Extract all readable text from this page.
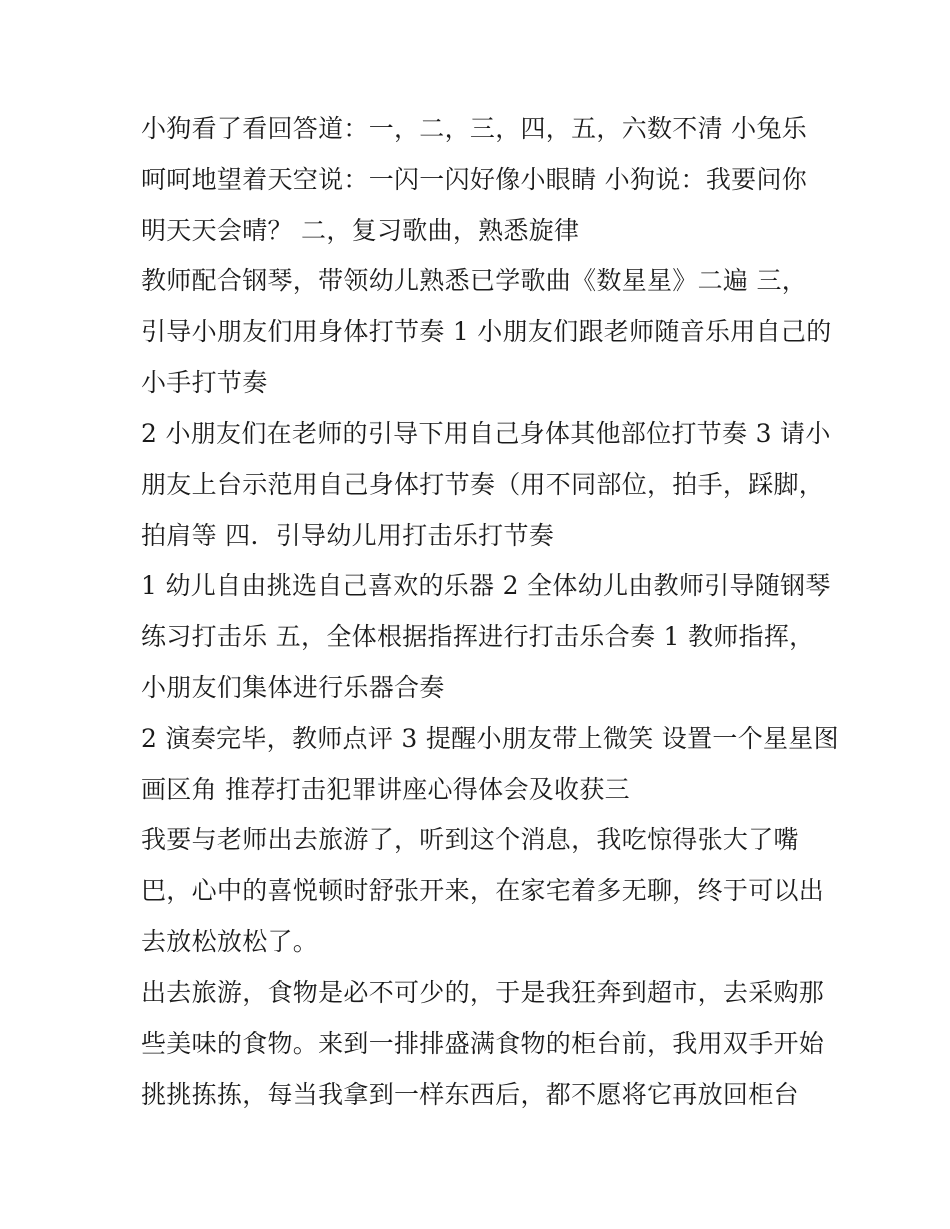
小狗看了看回答道：一，二，三，四，五，六数不清 小兔乐
呵呵地望着天空说：一闪一闪好像小眼睛 小狗说：我要问你
明天天会晴？ 二，复习歌曲，熟悉旋律
教师配合钢琴，带领幼儿熟悉已学歌曲《数星星》二遍 三，
引导小朋友们用身体打节奏 1 小朋友们跟老师随音乐用自己的
小手打节奏
2 小朋友们在老师的引导下用自己身体其他部位打节奏 3 请小
朋友上台示范用自己身体打节奏（用不同部位，拍手，踩脚，
拍肩等 四．引导幼儿用打击乐打节奏
1 幼儿自由挑选自己喜欢的乐器 2 全体幼儿由教师引导随钢琴
练习打击乐 五，全体根据指挥进行打击乐合奏 1 教师指挥，
小朋友们集体进行乐器合奏
2 演奏完毕，教师点评 3 提醒小朋友带上微笑 设置一个星星图
画区角 推荐打击犯罪讲座心得体会及收获三
我要与老师出去旅游了，听到这个消息，我吃惊得张大了嘴
巴，心中的喜悦顿时舒张开来，在家宅着多无聊，终于可以出
去放松放松了。
出去旅游，食物是必不可少的，于是我狂奔到超市，去采购那
些美味的食物。来到一排排盛满食物的柜台前，我用双手开始
挑挑拣拣，每当我拿到一样东西后，都不愿将它再放回柜台
